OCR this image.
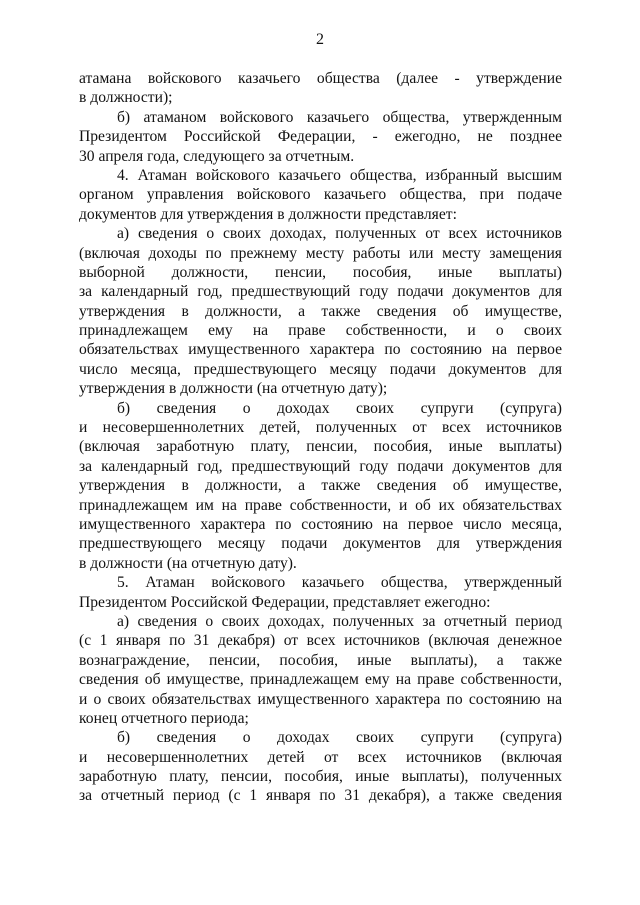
2
атамана войскового казачьего общества (далее - утверждение
в должности);
б) атаманом войскового казачьего общества, утвержденным
Президентом Российской Федерации, - ежегодно, не позднее
30 апреля года, следующего за отчетным.
4. Атаман войскового казачьего общества, избранный высшим
органом управления войскового казачьего общества, при подаче
документов для утверждения в должности представляет:
а) сведения о своих доходах, полученных от всех источников
(включая доходы по прежнему месту работы или месту замещения
выборной должности, пенсии, пособия, иные выплаты)
за календарный год, предшествующий году подачи документов для
утверждения в должности, а также сведения об имуществе,
принадлежащем ему на праве собственности, и о своих
обязательствах имущественного характера по состоянию на первое
число месяца, предшествующего месяцу подачи документов для
утверждения в должности (на отчетную дату);
б) сведения о доходах своих супруги (супруга)
и несовершеннолетних детей, полученных от всех источников
(включая заработную плату, пенсии, пособия, иные выплаты)
за календарный год, предшествующий году подачи документов для
утверждения в должности, а также сведения об имуществе,
принадлежащем им на праве собственности, и об их обязательствах
имущественного характера по состоянию на первое число месяца,
предшествующего месяцу подачи документов для утверждения
в должности (на отчетную дату).
5. Атаман войскового казачьего общества, утвержденный
Президентом Российской Федерации, представляет ежегодно:
а) сведения о своих доходах, полученных за отчетный период
(с 1 января по 31 декабря) от всех источников (включая денежное
вознаграждение, пенсии, пособия, иные выплаты), а также
сведения об имуществе, принадлежащем ему на праве собственности,
и о своих обязательствах имущественного характера по состоянию на
конец отчетного периода;
б) сведения о доходах своих супруги (супруга)
и несовершеннолетних детей от всех источников (включая
заработную плату, пенсии, пособия, иные выплаты), полученных
за отчетный период (с 1 января по 31 декабря), а также сведения
